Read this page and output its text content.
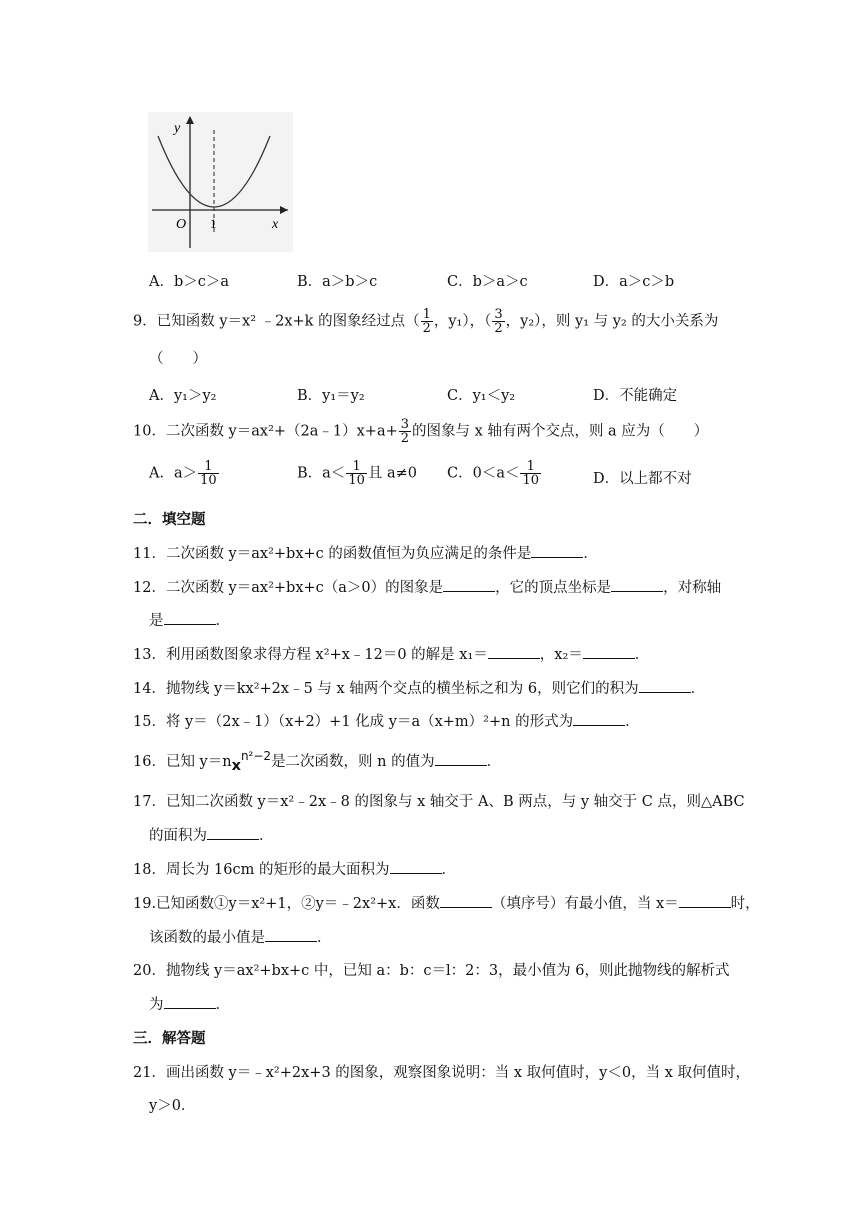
y
x
O 1
A．b＞c＞a	B．a＞b＞c	C．b＞a＞c	D．a＞c＞b
9．已知函数 y＝x² ﹣2x+k 的图象经过点（ $\frac{1}{2}$ ，y₁），（ $\frac{3}{2}$ ，y₂），则 y₁ 与 y₂ 的大小关系为
（　　）
A．y₁＞y₂	B．y₁＝y₂	C．y₁＜y₂	D．不能确定
10．二次函数 y＝ax²+（2a﹣1）x+a+ $\frac{3}{2}$ 的图象与 x 轴有两个交点，则 a 应为（　　）
A．$a> \frac{1}{10}$	B．$a< \frac{1}{10}$ 且 a≠0 C．$0<a< \frac{1}{10}$	D．以上都不对
二．填空题
11．二次函数 y＝ax²+bx+c 的函数值恒为负应满足的条件是	．
12．二次函数 y＝ax²+bx+c（a＞0）的图象是	，它的顶点坐标是	，对称轴
是	．
13．利用函数图象求得方程 x²+x﹣12＝0 的解是 x₁＝	，x₂＝	．
14．抛物线 y＝kx²+2x﹣5 与 x 轴两个交点的横坐标之和为 6，则它们的积为	．
15．将 y＝（2x﹣1）（x+2）+1 化成 y＝a（x+m）²+n 的形式为	．
16．已知 $y=nx^{n^2-2}$是二次函数，则 n 的值为	．
17．已知二次函数 y＝x²﹣2x﹣8 的图象与 x 轴交于 A、B 两点，与 y 轴交于 C 点，则△ABC
的面积为	．
18．周长为 16cm 的矩形的最大面积为	．
19.已知函数①y＝x²+1，②y＝﹣2x²+x．函数	（填序号）有最小值，当 x＝	时，
该函数的最小值是	．
20．抛物线 y＝ax²+bx+c 中，已知 a：b：c＝l：2：3，最小值为 6，则此抛物线的解析式
为	．
三．解答题
21．画出函数 y＝﹣x²+2x+3 的图象，观察图象说明：当 x 取何值时，y＜0，当 x 取何值时，
y＞0．
